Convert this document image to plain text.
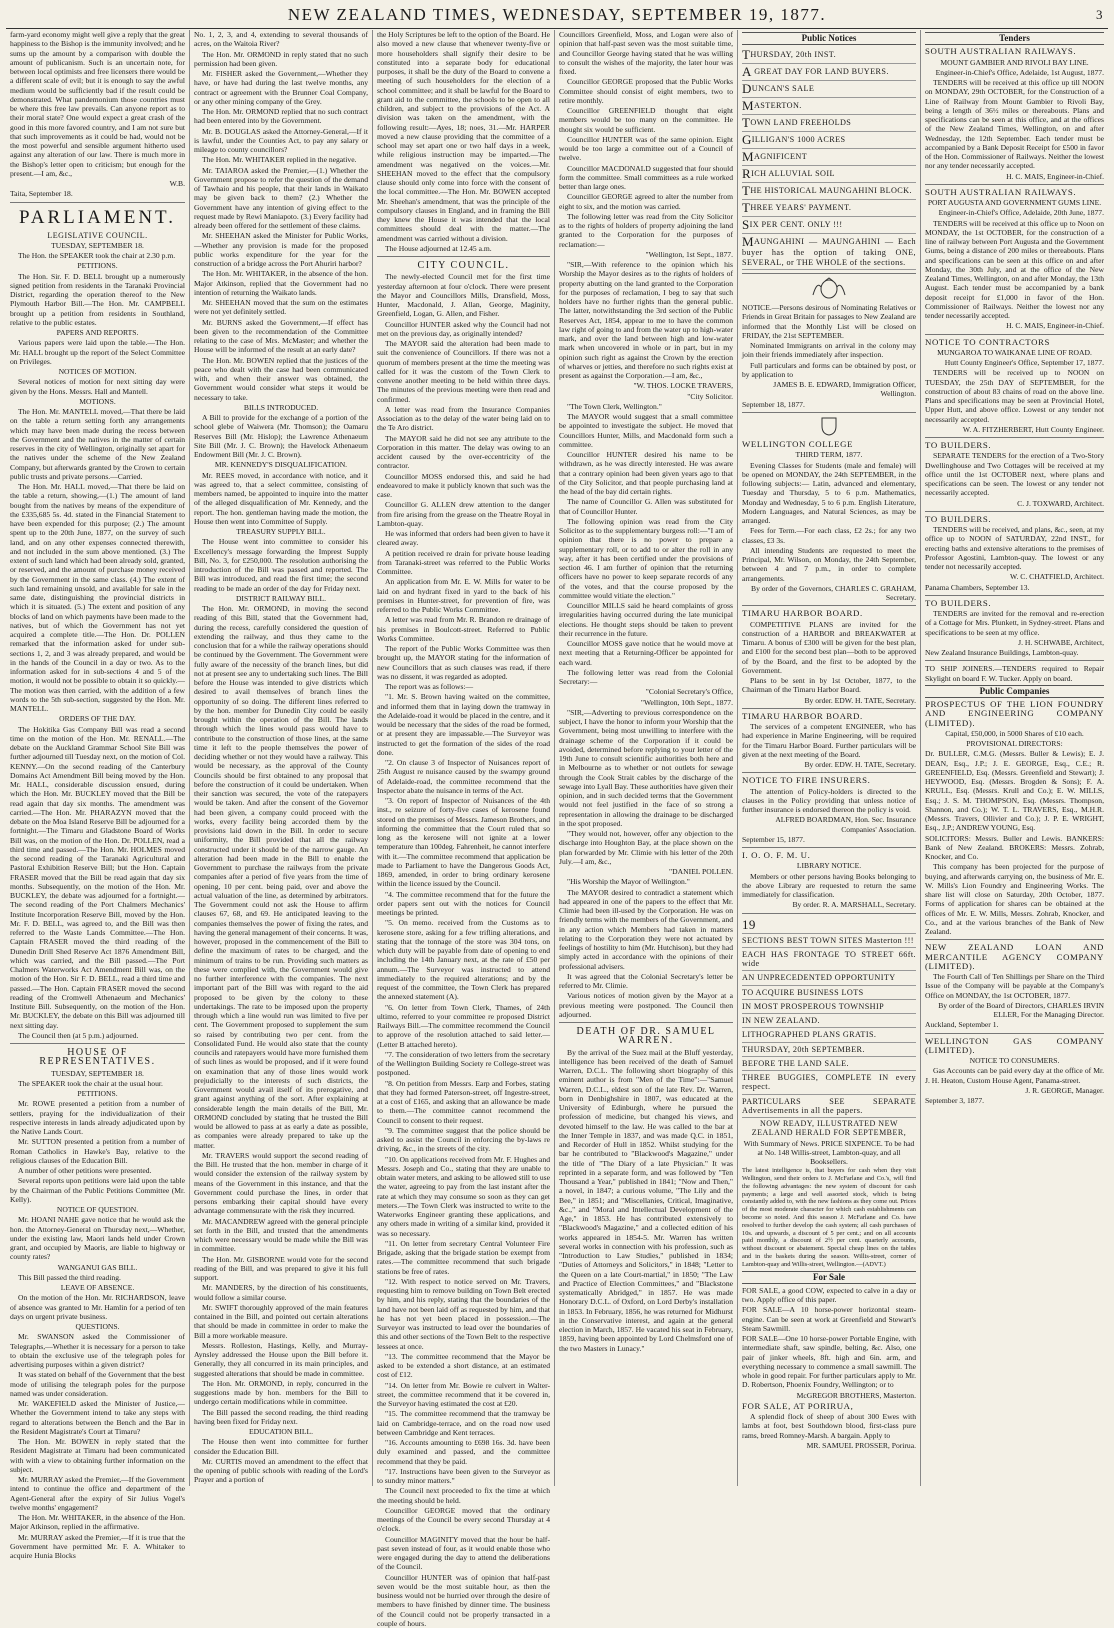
NEW ZEALAND TIMES, WEDNESDAY, SEPTEMBER 19, 1877.	3

farm-yard economy might well give a reply that the great happiness to the Bishop is the immunity involved; and he sums up the amount by a comparison with double the amount of publicanism. Such is an uncertain note, for between local optimists and free licensers there would be a different scale of evil; but it is enough to say the awful medium would be sufficiently bad if the result could be demonstrated. What pandemonium those countries must be where this free law prevails. Can anyone report as to their moral state? One would expect a great crash of the good in this more favored country, and I am not sure but that such improvements as it could be had, would not be the most powerful and sensible argument hitherto used against any alteration of our law. There is much more in the Bishop's letter open to criticism; but enough for the present.—I am, &c.,

W.B.

Taita, September 18.

PARLIAMENT.

LEGISLATIVE COUNCIL.

TUESDAY, SEPTEMBER 18.

The Hon. the SPEAKER took the chair at 2.30 p.m.

PETITIONS.

The Hon. Sir. F. D. BELL brought up a numerously signed petition from residents in the Taranaki Provincial District, regarding the operation thereof to the New Plymouth Harbor Bill.—The Hon. Mr. CAMPBELL brought up a petition from residents in Southland, relative to the public estates.

PAPERS AND REPORTS.

Various papers were laid upon the table.—The Hon. Mr. HALL brought up the report of the Select Committee on Privileges.

NOTICES OF MOTION.

Several notices of motion for next sitting day were given by the Hons. Messrs. Hall and Mantell.

MOTIONS.

The Hon. Mr. MANTELL moved,—That there be laid on the table a return setting forth any arrangements which may have been made during the recess between the Government and the natives in the matter of certain reserves in the city of Wellington, originally set apart for the natives under the scheme of the New Zealand Company, but afterwards granted by the Crown to certain public trusts and private persons.—Carried.

The Hon. Mr. HALL moved,—That there be laid on the table a return, showing,—(1.) The amount of land bought from the natives by means of the expenditure of the £335,685 5s. 4d. stated in the Financial Statement to have been expended for this purpose; (2.) The amount spent up to the 20th June, 1877, on the survey of such land, and on any other expenses connected therewith, and not included in the sum above mentioned. (3.) The extent of such land which had been already sold, granted, or reserved, and the amount of purchase money received by the Government in the same class. (4.) The extent of such land remaining unsold, and available for sale in the same date, distinguishing the provincial districts in which it is situated. (5.) The extent and position of any blocks of land on which payments have been made to the natives, but of which the Government has not yet acquired a complete title.—The Hon. Dr. POLLEN remarked that the information asked for under sub-sections 1, 2, and 3 was already prepared, and would be in the hands of the Council in a day or two. As to the information asked for in sub-sections 4 and 5 of the motion, it would not be possible to obtain it so quickly.—The motion was then carried, with the addition of a few words to the 5th sub-section, suggested by the Hon. Mr. MANTELL.

ORDERS OF THE DAY.

The Hokitika Gas Company Bill was read a second time on the motion of the Hon. Mr. RENALL.—The debate on the Auckland Grammar School Site Bill was further adjourned till Tuesday next, on the motion of Col. KENNY.—On the second reading of the Canterbury Domains Act Amendment Bill being moved by the Hon. Mr. HALL, considerable discussion ensued, during which the Hon. Mr. BUCKLEY moved that the Bill be read again that day six months. The amendment was carried.—The Hon. Mr. PHARAZYN moved that the debate on the Moa Island Reserve Bill be adjourned for a fortnight.—The Timaru and Gladstone Board of Works Bill was, on the motion of the Hon. Dr. POLLEN, read a third time and passed.—The Hon. Mr. HOLMES moved the second reading of the Taranaki Agricultural and Pastoral Exhibition Reserve Bill; but the Hon. Captain FRASER moved that the Bill be read again that day six months. Subsequently, on the motion of the Hon. Mr. BUCKLEY, the debate was adjourned for a fortnight.—The second reading of the Port Chalmers Mechanics' Institute Incorporation Reserve Bill, moved by the Hon. Mr. F. D. BELL, was agreed to, and the Bill was then referred to the Waste Lands Committee.—The Hon. Captain FRASER moved the third reading of the Dunedin Drill Shed Reserve Act 1876 Amendment Bill, which was carried, and the Bill passed.—The Port Chalmers Waterworks Act Amendment Bill was, on the motion of the Hon. Sir F. D. BELL, read a third time and passed.—The Hon. Captain FRASER moved the second reading of the Cromwell Athenaeum and Mechanics' Institute Bill. Subsequently, on the motion of the Hon. Mr. BUCKLEY, the debate on this Bill was adjourned till next sitting day.

The Council then (at 5 p.m.) adjourned.

HOUSE OF REPRESENTATIVES.

TUESDAY, SEPTEMBER 18.

The SPEAKER took the chair at the usual hour.

PETITIONS.

Mr. ROWE presented a petition from a number of settlers, praying for the individualization of their respective interests in lands already adjudicated upon by the Native Lands Court.

Mr. SUTTON presented a petition from a number of Roman Catholics in Hawke's Bay, relative to the religious clauses of the Education Bill.

A number of other petitions were presented.

Several reports upon petitions were laid upon the table by the Chairman of the Public Petitions Committee (Mr. Kelly).

NOTICE OF QUESTION.

Mr. HOANI NAHE gave notice that he would ask the hon. the Attorney-General on Thursday next,—Whether, under the existing law, Maori lands held under Crown grant, and occupied by Maoris, are liable to highway or county rates?

WANGANUI GAS BILL.

This Bill passed the third reading.

LEAVE OF ABSENCE.

On the motion of the Hon. Mr. RICHARDSON, leave of absence was granted to Mr. Hamlin for a period of ten days on urgent private business.

QUESTIONS.

Mr. SWANSON asked the Commissioner of Telegraphs,—Whether it is necessary for a person to take to obtain the exclusive use of the telegraph poles for advertising purposes within a given district?

It was stated on behalf of the Government that the best mode of utilising the telegraph poles for the purpose named was under consideration.

Mr. WAKEFIELD asked the Minister of Justice,—Whether the Government intend to take any steps with regard to alterations between the Bench and the Bar in the Resident Magistrate's Court at Timaru?

The Hon. Mr. BOWEN in reply stated that the Resident Magistrate at Timaru had been communicated with with a view to obtaining further information on the subject.

Mr. MURRAY asked the Premier,—If the Government intend to continue the office and department of the Agent-General after the expiry of Sir Julius Vogel's twelve months' engagement?

The Hon. Mr. WHITAKER, in the absence of the Hon. Major Atkinson, replied in the affirmative.

Mr. MURRAY asked the Premier,—If it is true that the Government have permitted Mr. F. A. Whitaker to acquire Hunia Blocks

No. 1, 2, 3, and 4, extending to several thousands of acres, on the Waitoia River?

The Hon. Mr. ORMOND in reply stated that no such permission had been given.

Mr. FISHER asked the Government,—Whether they have, or have had during the last twelve months, any contract or agreement with the Brunner Coal Company, or any other mining company of the Grey.

The Hon. Mr. ORMOND replied that no such contract had been entered into by the Government.

Mr. B. DOUGLAS asked the Attorney-General,—If it is lawful, under the Counties Act, to pay any salary or mileage to county councillors?

The Hon. Mr. WHITAKER replied in the negative.

Mr. TAIAROA asked the Premier,—(1.) Whether the Government propose to refer the question of the demand of Tawhaio and his people, that their lands in Waikato may be given back to them? (2.) Whether the Government have any intention of giving effect to the request made by Rewi Maniapoto. (3.) Every facility had already been offered for the settlement of these claims.

Mr. SHEEHAN asked the Minister for Public Works,—Whether any provision is made for the proposed public works expenditure for the year for the construction of a bridge across the Port Ahuriri harbor?

The Hon. Mr. WHITAKER, in the absence of the hon. Major Atkinson, replied that the Government had no intention of returning the Waikato lands.

Mr. SHEEHAN moved that the sum on the estimates were not yet definitely settled.

Mr. BURNS asked the Government,—If effect has been given to the recommendation of the Committee relating to the case of Mrs. McMaster; and whether the House will be informed of the result at an early date?

The Hon. Mr. BOWEN replied that the justices of the peace who dealt with the case had been communicated with, and when their answer was obtained, the Government would consider what steps it would be necessary to take.

BILLS INTRODUCED.

A Bill to provide for the exchange of a portion of the school glebe of Waiwera (Mr. Thomson); the Oamaru Reserves Bill (Mr. Hislop); the Lawrence Athenaeum Site Bill (Mr. J. C. Brown); the Havelock Athenaeum Endowment Bill (Mr. J. C. Brown).

MR. KENNEDY'S DISQUALIFICATION.

Mr. REES moved, in accordance with notice, and it was agreed to, that a select committee, consisting of members named, be appointed to inquire into the matter of the alleged disqualification of Mr. Kennedy, and the report. The hon. gentleman having made the motion, the House then went into Committee of Supply.

TREASURY SUPPLY BILL.

The House went into committee to consider his Excellency's message forwarding the Imprest Supply Bill, No. 3, for £250,000. The resolution authorising the introduction of the Bill was passed and reported. The Bill was introduced, and read the first time; the second reading to be made an order of the day for Friday next.

DISTRICT RAILWAY BILL.

The Hon. Mr. ORMOND, in moving the second reading of this Bill, stated that the Government had, during the recess, carefully considered the question of extending the railway, and thus they came to the conclusion that for a while the railway operations should be continued by the Government. The Government were fully aware of the necessity of the branch lines, but did not at present see any to undertaking such lines. The Bill before the House was intended to give districts which desired to avail themselves of branch lines the opportunity of so doing. The different lines referred to by the hon. member for Dunedin City could be easily brought within the operation of the Bill. The lands through which the lines would pass would have to contribute to the construction of those lines, at the same time it left to the people themselves the power of deciding whether or not they would have a railway. This would be necessary, as the approval of the County Councils should be first obtained to any proposal that before the construction of it could be undertaken. When their sanction was secured, the vote of the ratepayers would be taken. And after the consent of the Governor had been given, a company could proceed with the works, every facility being accorded them by the provisions laid down in the Bill. In order to secure uniformity, the Bill provided that all the railway constructed under it should be of the narrow gauge. An alteration had been made in the Bill to enable the Government to purchase the railways from the private companies after a period of five years from the time of opening, 10 per cent. being paid, over and above the actual valuation of the line, as determined by arbitrators. The Government could not ask the House to affirm clauses 67, 68, and 69. He anticipated leaving to the companies themselves the power of fixing the rates, and having the general management of their concerns. It was, however, proposed in the commencement of the Bill to define the maximum of rates to be charged, and the minimum of trains to be run. Providing such matters as these were complied with, the Government would give no further interference with the companies. The next important part of the Bill was with regard to the aid proposed to be given by the colony to these undertakings. The rate to be imposed upon the property through which a line would run was limited to five per cent. The Government proposed to supplement the sum so raised by contributing two per cent. from the Consolidated Fund. He would also state that the county councils and ratepayers would have more furnished them of such lines as would be proposed, and if it were found on examination that any of those lines would work prejudicially to the interests of such districts, the Government would avail itself of its prerogative, and grant against anything of the sort. After explaining at considerable length the main details of the Bill, Mr. ORMOND concluded by stating that he trusted the Bill would be allowed to pass at as early a date as possible, as companies were already prepared to take up the matter.

Mr. TRAVERS would support the second reading of the Bill. He trusted that the hon. member in charge of it would consider the extension of the railway system by means of the Government in this instance, and that the Government could purchase the lines, in order that persons embarking their capital should have every advantage commensurate with the risk they incurred.

Mr. MACANDREW agreed with the general principle set forth in the Bill, and trusted that the amendments which were necessary would be made while the Bill was in committee.

The Hon. Mr. GISBORNE would vote for the second reading of the Bill, and was prepared to give it his full support.

Mr. MANDERS, by the direction of his constituents, would follow a similar course.

Mr. SWIFT thoroughly approved of the main features contained in the Bill, and pointed out certain alterations that should be made in committee in order to make the Bill a more workable measure.

Messrs. Rolleston, Hastings, Kelly, and Murray-Aynsley addressed the House upon the Bill before it. Generally, they all concurred in its main principles, and suggested alterations that should be made in committee.

The Hon. Mr. ORMOND, in reply, concurred in the suggestions made by hon. members for the Bill to undergo certain modifications while in committee.

The Bill passed the second reading, the third reading having been fixed for Friday next.

EDUCATION BILL.

The House then went into committee for further consider the Education Bill.

Mr. CURTIS moved an amendment to the effect that the opening of public schools with reading of the Lord's Prayer and a portion of

the Holy Scriptures be left to the option of the Board. He also moved a new clause that whenever twenty-five or more householders shall signify their desire to be constituted into a separate body for educational purposes, it shall be the duty of the Board to convene a meeting of such householders for the election of a school committee; and it shall be lawful for the Board to grant aid to the committee, the schools to be open to all children, and subject to the provisions of the Act. A division was taken on the amendment, with the following result:—Ayes, 18; noes, 31.—Mr. HARPER moved a new clause providing that the committee of a school may set apart one or two half days in a week, while religious instruction may be imparted.—The amendment was negatived on the voices.—Mr. SHEEHAN moved to the effect that the compulsory clause should only come into force with the consent of the local committee.—The Hon. Mr. BOWEN accepted Mr. Sheehan's amendment, that was the principle of the compulsory clauses in England, and in framing the Bill they knew the House it was intended that the local committees should deal with the matter.—The amendment was carried without a division.

The House adjourned at 12.45 a.m.

CITY COUNCIL.

The newly-elected Council met for the first time yesterday afternoon at four o'clock. There were present the Mayor and Councillors Mills, Dransfield, Moss, Hunter, Macdonald, J. Allan, George, Maginity, Greenfield, Logan, G. Allen, and Fisher.

Councillor HUNTER asked why the Council had not met on the previous day, as originally intended?

The MAYOR said the alteration had been made to suit the convenience of Councillors. If there was not a quorum of members present at the time the meeting was called for it was the custom of the Town Clerk to convene another meeting to be held within three days. The minutes of the previous meeting were then read and confirmed.

A letter was read from the Insurance Companies Association as to the delay of the water being laid on to the Te Aro district.

The MAYOR said he did not see any attribute to the Corporation in this matter. The delay was owing to an accident caused by the over-eccentricity of the contractor.

Councillor MOSS endorsed this, and said he had endeavored to make it publicly known that such was the case.

Councillor G. ALLEN drew attention to the danger from fire arising from the grease on the Theatre Royal in Lambton-quay.

He was informed that orders had been given to have it cleared away.

A petition received re drain for private house leading from Taranaki-street was referred to the Public Works Committee.

An application from Mr. E. W. Mills for water to be laid on and hydrant fixed in yard to the back of his premises in Hunter-street, for prevention of fire, was referred to the Public Works Committee.

A letter was read from Mr. R. Brandon re drainage of his premises in Boulcott-street. Referred to Public Works Committee.

The report of the Public Works Committee was then brought up, the MAYOR stating for the information of new Councillors that as such clauses was read, if there was no dissent, it was regarded as adopted.

The report was as follows:—

"1. Mr. S. Brown having waited on the committee, and informed them that in laying down the tramway in the Adelaide-road it would be placed in the centre, and it would be necessary that the sides of the road be formed, or at present they are impassable.—The Surveyor was instructed to get the formation of the sides of the road done.

"2. On clause 3 of Inspector of Nuisances report of 25th August re nuisance caused by the swampy ground of Adelaide-road, the committee recommend that the Inspector abate the nuisance in terms of the Act.

"3. On report of Inspector of Nuisances of the 4th inst., re seizure of forty-five cases of kerosene found stored on the premises of Messrs. Jameson Brothers, and informing the committee that the Court ruled that so long as the kerosene will not ignite at a lower temperature than 100deg. Fahrenheit, he cannot interfere with it.—The committee recommend that application be made to Parliament to have the Dangerous Goods Act, 1869, amended, in order to bring ordinary kerosene within the licence issued by the Council.

"4. The committee recommend that for the future the order papers sent out with the notices for Council meetings be printed.

"5. On memo. received from the Customs as to kerosene store, asking for a few trifling alterations, and stating that the tonnage of the store was 304 tons, on which duty will be payable from date of opening to end including the 14th January next, at the rate of £50 per annum.—The Surveyor was instructed to attend immediately to the required alterations; and by the request of the committee, the Town Clerk has prepared the annexed statement (A).

"6. On letter from Town Clerk, Thames, of 24th ultimo, referred to your committee re proposed District Railways Bill.—The committee recommend the Council to approve of the resolution attached to said letter.—(Letter B attached hereto).

"7. The consideration of two letters from the secretary of the Wellington Building Society re College-street was postponed.

"8. On petition from Messrs. Earp and Forbes, stating that they had formed Paterson-street, off Ingestre-street, at a cost of £165, and asking that an allowance be made to them.—The committee cannot recommend the Council to consent to their request.

"9. The committee suggest that the police should be asked to assist the Council in enforcing the by-laws re driving, &c., in the streets of the city.

"10. On applications received from Mr. F. Hughes and Messrs. Joseph and Co., stating that they are unable to obtain water meters, and asking to be allowed still to use the water, agreeing to pay from the last instant after the rate at which they may consume so soon as they can get meters.—The Town Clerk was instructed to write to the Waterworks Engineer granting these applications, and any others made in writing of a similar kind, provided it was so necessary.

"11. On letter from secretary Central Volunteer Fire Brigade, asking that the brigade station be exempt from rates.—The committee recommend that such brigade stations be free of rates.

"12. With respect to notice served on Mr. Travers, requesting him to remove building on Town Belt erected by him, and his reply, stating that the boundaries of the land have not been laid off as requested by him, and that he has not yet been placed in possession.—The Surveyor was instructed to lead over the boundaries of this and other sections of the Town Belt to the respective lessees at once.

"13. The committee recommend that the Mayor be asked to be extended a short distance, at an estimated cost of £12.

"14. On letter from Mr. Bowie re culvert in Walter-street, the committee recommend that it be covered in, the Surveyor having estimated the cost at £20.

"15. The committee recommend that the tramway be laid on Cambridge-terrace, and on the road now used between Cambridge and Kent terraces.

"16. Accounts amounting to £698 16s. 3d. have been duly examined and passed, and the committee recommend that they be paid.

"17. Instructions have been given to the Surveyor as to sundry minor matters."

The Council next proceeded to fix the time at which the meeting should be held.

Councillor GEORGE moved that the ordinary meetings of the Council be every second Thursday at 4 o'clock.

Councillor MAGINITY moved that the hour be half-past seven instead of four, as it would enable those who were engaged during the day to attend the deliberations of the Council.

Councillor HUNTER was of opinion that half-past seven would be the most suitable hour, as then the business would not be hurried over through the desire of members to have finished by dinner time. The business of the Council could not be properly transacted in a couple of hours.

Councillors Greenfield, Moss, and Logan were also of opinion that half-past seven was the most suitable time, and Councillor George having stated that he was willing to consult the wishes of the majority, the later hour was fixed.

Councillor GEORGE proposed that the Public Works Committee should consist of eight members, two to retire monthly.

Councillor GREENFIELD thought that eight members would be too many on the committee. He thought six would be sufficient.

Councillor HUNTER was of the same opinion. Eight would be too large a committee out of a Council of twelve.

Councillor MACDONALD suggested that four should form the committee. Small committees as a rule worked better than large ones.

Councillor GEORGE agreed to alter the number from eight to six, and the motion was carried.

The following letter was read from the City Solicitor as to the rights of holders of property adjoining the land granted to the Corporation for the purposes of reclamation:—

"Wellington, 1st Sept., 1877.

"SIR,—With reference to the opinion which his Worship the Mayor desires as to the rights of holders of property abutting on the land granted to the Corporation for the purposes of reclamation, I beg to say that such holders have no further rights than the general public. The latter, notwithstanding the 3rd section of the Public Reserves Act, 1854, appear to me to have the common law right of going to and from the water up to high-water mark, and over the land between high and low-water mark when uncovered in whole or in part, but in my opinion such right as against the Crown by the erection of wharves or jetties, and therefore no such rights exist at present as against the Corporation.—I am, &c.,

"W. THOS. LOCKE TRAVERS,

"City Solicitor.

"The Town Clerk, Wellington."

The MAYOR would suggest that a small committee be appointed to investigate the subject. He moved that Councillors Hunter, Mills, and Macdonald form such a committee.

Councillor HUNTER desired his name to be withdrawn, as he was directly interested. He was aware that a contrary opinion had been given years ago to that of the City Solicitor, and that people purchasing land at the head of the bay did certain rights.

The name of Councillor G. Allen was substituted for that of Councillor Hunter.

The following opinion was read from the City Solicitor as to the supplementary burgess roll:—"I am of opinion that there is no power to prepare a supplementary roll, or to add to or alter the roll in any way, after it has been certified under the provisions of section 46. I am further of opinion that the returning officers have no power to keep separate records of any of the votes, and that the course proposed by the committee would vitiate the election."

Councillor MILLS said he heard complaints of gross irregularities having occurred during the late municipal elections. He thought steps should be taken to prevent their recurrence in the future.

Councillor MOSS gave notice that he would move at next meeting that a Returning-Officer be appointed for each ward.

The following letter was read from the Colonial Secretary:—

"Colonial Secretary's Office,

"Wellington, 10th Sept., 1877.

"SIR,—Adverting to previous correspondence on the subject, I have the honor to inform your Worship that the Government, being most unwilling to interfere with the drainage scheme of the Corporation if it could be avoided, determined before replying to your letter of the 19th June to consult scientific authorities both here and in Melbourne as to whether or not outlets for sewage through the Cook Strait cables by the discharge of the sewage into Lyall Bay. These authorities have given their opinion, and in such decided terms that the Government would not feel justified in the face of so strong a representation in allowing the drainage to be discharged in the spot proposed.

"They would not, however, offer any objection to the discharge into Houghton Bay, at the place shown on the plan forwarded by Mr. Climie with his letter of the 20th July.—I am, &c.,

"DANIEL POLLEN.

"His Worship the Mayor of Wellington."

The MAYOR desired to contradict a statement which had appeared in one of the papers to the effect that Mr. Climie had been ill-used by the Corporation. He was on friendly terms with the members of the Government, and in any action which Members had taken in matters relating to the Corporation they were not actuated by feelings of hostility to him (Mr. Hutchison), but they had simply acted in accordance with the opinions of their professional advisers.

It was agreed that the Colonial Secretary's letter be referred to Mr. Climie.

Various notices of motion given by the Mayor at a previous meeting were postponed. The Council then adjourned.

DEATH OF DR. SAMUEL WARREN.

By the arrival of the Suez mail at the Bluff yesterday, intelligence has been received of the death of Samuel Warren, D.C.L. The following short biography of this eminent author is from "Men of the Time":—"Samuel Warren, D.C.L., eldest son of the late Rev. Dr. Warren, born in Denbighshire in 1807, was educated at the University of Edinburgh, where he pursued the profession of medicine, but changed his views, and devoted himself to the law. He was called to the bar at the Inner Temple in 1837, and was made Q.C. in 1851, and Recorder of Hull in 1852. Whilst studying for the bar he contributed to "Blackwood's Magazine," under the title of "The Diary of a late Physician." It was reprinted in a separate form, and was followed by "Ten Thousand a Year," published in 1841; "Now and Then," a novel, in 1847; a curious volume, "The Lily and the Bee," in 1851; and "Miscellanies, Critical, Imaginative, &c.," and "Moral and Intellectual Development of the Age," in 1853. He has contributed extensively to "Blackwood's Magazine," and a collected edition of his works appeared in 1854-5. Mr. Warren has written several works in connection with his profession, such as "Introduction to Law Studies," published in 1834; "Duties of Attorneys and Solicitors," in 1848; "Letter to the Queen on a late Court-martial," in 1850; "The Law and Practice of Election Committees," and "Blackstone systematically Abridged," in 1857. He was made Honorary D.C.L. of Oxford, on Lord Derby's installation in 1853. In February, 1856, he was returned for Midhurst in the Conservative interest, and again at the general election in March, 1857. He vacated his seat in February, 1859, having been appointed by Lord Chelmsford one of the two Masters in Lunacy."

Public Notices

THURSDAY, 20th INST.

A GREAT DAY FOR LAND BUYERS.

DUNCAN'S SALE

MASTERTON.

TOWN LAND FREEHOLDS

GILLIGAN'S 1000 ACRES

MAGNIFICENT

RICH ALLUVIAL SOIL

THE HISTORICAL MAUNGAHINI BLOCK.

THREE YEARS' PAYMENT.

SIX PER CENT. ONLY !!!

MAUNGAHINI — MAUNGAHINI — Each buyer has the option of taking ONE, SEVERAL, or THE WHOLE of the sections.

NOTICE.—Persons desirous of Nominating Relatives or Friends in Great Britain for passages to New Zealand are informed that the Monthly List will be closed on FRIDAY, the 21st SEPTEMBER.

Nominated Immigrants on arrival in the colony may join their friends immediately after inspection.

Full particulars and forms can be obtained by post, or by application to

JAMES B. E. EDWARD, Immigration Officer, Wellington.

September 18, 1877.

WELLINGTON COLLEGE

THIRD TERM, 1877.

Evening Classes for Students (male and female) will be opened on MONDAY, the 24th SEPTEMBER, in the following subjects:— Latin, advanced and elementary, Tuesday and Thursday, 5 to 6 p.m. Mathematics, Monday and Wednesday, 5 to 6 p.m. English Literature, Modern Languages, and Natural Sciences, as may be arranged.

Fees for Term.—For each class, £2 2s.; for any two classes, £3 3s.

All intending Students are requested to meet the Principal, Mr. Wilson, on Monday, the 24th September, between 4 and 7 p.m., in order to complete arrangements.

By order of the Governors, CHARLES C. GRAHAM, Secretary.

TIMARU HARBOR BOARD.

COMPETITIVE PLANS are invited for the construction of a HARBOR and BREAKWATER at Timaru. A bonus of £300 will be given for the best plan, and £100 for the second best plan—both to be approved of by the Board, and the first to be adopted by the Government.

Plans to be sent in by 1st October, 1877, to the Chairman of the Timaru Harbor Board.

By order. EDW. H. TATE, Secretary.

TIMARU HARBOR BOARD.

The services of a competent ENGINEER, who has had experience in Marine Engineering, will be required for the Timaru Harbor Board. Further particulars will be given at the next meeting of the Board.

By order. EDW. H. TATE, Secretary.

NOTICE TO FIRE INSURERS.

The attention of Policy-holders is directed to the clauses in the Policy providing that unless notice of further insurance is endorsed thereon the policy is void.

ALFRED BOARDMAN, Hon. Sec. Insurance Companies' Association.

September 15, 1877.

I. O. O. F. M. U.

LIBRARY NOTICE.

Members or other persons having Books belonging to the above Library are requested to return the same immediately for classification.

By order. R. A. MARSHALL, Secretary.

19

SECTIONS BEST TOWN SITES Masterton !!!

EACH HAS FRONTAGE TO STREET 66ft. wide

AN UNPRECEDENTED OPPORTUNITY

TO ACQUIRE BUSINESS LOTS

IN MOST PROSPEROUS TOWNSHIP

IN NEW ZEALAND.

LITHOGRAPHED PLANS GRATIS.

THURSDAY, 20th SEPTEMBER.

BEFORE THE LAND SALE.

THREE BUGGIES, COMPLETE IN every respect.

PARTICULARS SEE SEPARATE Advertisements in all the papers.

NOW READY, ILLUSTRATED NEW ZEALAND HERALD FOR SEPTEMBER,

With Summary of News. PRICE SIXPENCE. To be had at No. 148 Willis-street, Lambton-quay, and all Booksellers.

The latest intelligence is, that buyers for cash when they visit Wellington, send their orders to J. McFarlane and Co.'s, will find the following advantages: the new system of discount for cash payments; a large and well assorted stock, which is being constantly added to, with the new fashions as they come out. Prices of the most moderate character for which cash establishments can become so noted. And this season J. McFarlane and Co. have resolved to further develop the cash system; all cash purchases of 10s. and upwards, a discount of 5 per cent.; and on all accounts paid monthly, a discount of 2½ per cent. quarterly accounts, without discount or abatement. Special cheap lines on the tables and in the baskets during the season. Willis-street, corner of Lambton-quay and Willis-street, Wellington.—(ADVT.)

For Sale

FOR SALE, a good COW, expected to calve in a day or two. Apply office of this paper.

FOR SALE—A 10 horse-power horizontal steam-engine. Can be seen at work at Greenfield and Stewart's Steam Sawmill.

FOR SALE—One 10 horse-power Portable Engine, with intermediate shaft, saw spindle, belting, &c. Also, one pair of jinker wheels, 8ft. high and 6in. arm, and everything necessary to commence a small sawmill. The whole in good repair. For further particulars apply to Mr. D. Robertson, Phoenix Foundry, Wellington; or to

McGREGOR BROTHERS, Masterton.

FOR SALE, AT PORIRUA,

A splendid flock of sheep of about 300 Ewes with lambs at foot, best Southdown blood, first-class pure rams, breed Romney-Marsh. A bargain. Apply to

MR. SAMUEL PROSSER, Porirua.

Tenders

SOUTH AUSTRALIAN RAILWAYS.

MOUNT GAMBIER AND RIVOLI BAY LINE.

Engineer-in-Chief's Office, Adelaide, 1st August, 1877.

TENDERS will be received at this office up till NOON on MONDAY, 29th OCTOBER, for the Construction of a Line of Railway from Mount Gambier to Rivoli Bay, being a length of 36½ miles or thereabouts. Plans and specifications can be seen at this office, and at the offices of the New Zealand Times, Wellington, on and after Wednesday, the 12th September. Each tender must be accompanied by a Bank Deposit Receipt for £500 in favor of the Hon. Commissioner of Railways. Neither the lowest nor any tender necessarily accepted.

H. C. MAIS, Engineer-in-Chief.

SOUTH AUSTRALIAN RAILWAYS.

PORT AUGUSTA AND GOVERNMENT GUMS LINE.

Engineer-in-Chief's Office, Adelaide, 20th June, 1877.

TENDERS will be received at this office up to Noon on MONDAY, the 1st OCTOBER, for the construction of a line of railway between Port Augusta and the Government Gums, being a distance of 200 miles or thereabouts. Plans and specifications can be seen at this office on and after Monday, the 30th July, and at the office of the New Zealand Times, Wellington, on and after Monday, the 13th August. Each tender must be accompanied by a bank deposit receipt for £1,000 in favor of the Hon. Commissioner of Railways. Neither the lowest nor any tender necessarily accepted.

H. C. MAIS, Engineer-in-Chief.

NOTICE TO CONTRACTORS

MUNGAROA TO WAIKANAE LINE OF ROAD.

Hutt County Engineer's Office, September 17, 1877.

TENDERS will be received up to NOON on TUESDAY, the 25th DAY of SEPTEMBER, for the construction of about 83 chains of road on the above line. Plans and specifications may be seen at Provincial Hotel, Upper Hutt, and above office. Lowest or any tender not necessarily accepted.

W. A. FITZHERBERT, Hutt County Engineer.

TO BUILDERS.

SEPARATE TENDERS for the erection of a Two-Story Dwellinghouse and Two Cottages will be received at my office until the 1st OCTOBER next, where plans and specifications can be seen. The lowest or any tender not necessarily accepted.

C. J. TOXWARD, Architect.

TO BUILDERS.

TENDERS will be received, and plans, &c., seen, at my office up to NOON of SATURDAY, 22nd INST., for erecting baths and extensive alterations to the premises of Professor Agostini, Lambton-quay. The lowest or any tender not necessarily accepted.

W. C. CHATFIELD, Architect.

Panama Chambers, September 13.

TO BUILDERS.

TENDERS are invited for the removal and re-erection of a Cottage for Mrs. Plunkett, in Sydney-street. Plans and specifications to be seen at my office.

J. H. SCHWABE, Architect,

New Zealand Insurance Buildings, Lambton-quay.

TO SHIP JOINERS.—TENDERS required to Repair Skylight on board F. W. Tucker. Apply on board.

Public Companies

PROSPECTUS OF THE LION FOUNDRY AND ENGINEERING COMPANY (LIMITED).

Capital, £50,000, in 5000 Shares of £10 each.

PROVISIONAL DIRECTORS:

Dr. BULLER, C.M.G. (Messrs. Buller & Lewis); E. J. DEAN, Esq., J.P.; J. E. GEORGE, Esq., C.E.; R. GREENFIELD, Esq. (Messrs. Greenfield and Stewart); J. HEYWOOD, Esq. (Messrs. Brogden & Sons); F. A. KRULL, Esq. (Messrs. Krull and Co.); E. W. MILLS, Esq.; J. S. M. THOMPSON, Esq. (Messrs. Thompson, Shannon, and Co.); W. T. L. TRAVERS, Esq., M.H.R. (Messrs. Travers, Ollivier and Co.); J. P. E. WRIGHT, Esq., J.P.; ANDREW YOUNG, Esq.

SOLICITORS: Messrs. Buller and Lewis. BANKERS: Bank of New Zealand. BROKERS: Messrs. Zohrab, Knocker, and Co.

This company has been projected for the purpose of buying, and afterwards carrying on, the business of Mr. E. W. Mills's Lion Foundry and Engineering Works. The share list will close on Saturday, 20th October, 1877. Forms of application for shares can be obtained at the offices of Mr. E. W. Mills, Messrs. Zohrab, Knocker, and Co., and at the various branches of the Bank of New Zealand.

NEW ZEALAND LOAN AND MERCANTILE AGENCY COMPANY (LIMITED).

The Fourth Call of Ten Shillings per Share on the Third Issue of the Company will be payable at the Company's Office on MONDAY, the 1st OCTOBER, 1877.

By order of the Board of Directors, CHARLES IRVIN ELLER, For the Managing Director.

Auckland, September 1.

WELLINGTON GAS COMPANY (LIMITED).

NOTICE TO CONSUMERS.

Gas Accounts can be paid every day at the office of Mr. J. H. Heaton, Custom House Agent, Panama-street.

J. R. GEORGE, Manager.

September 3, 1877.
